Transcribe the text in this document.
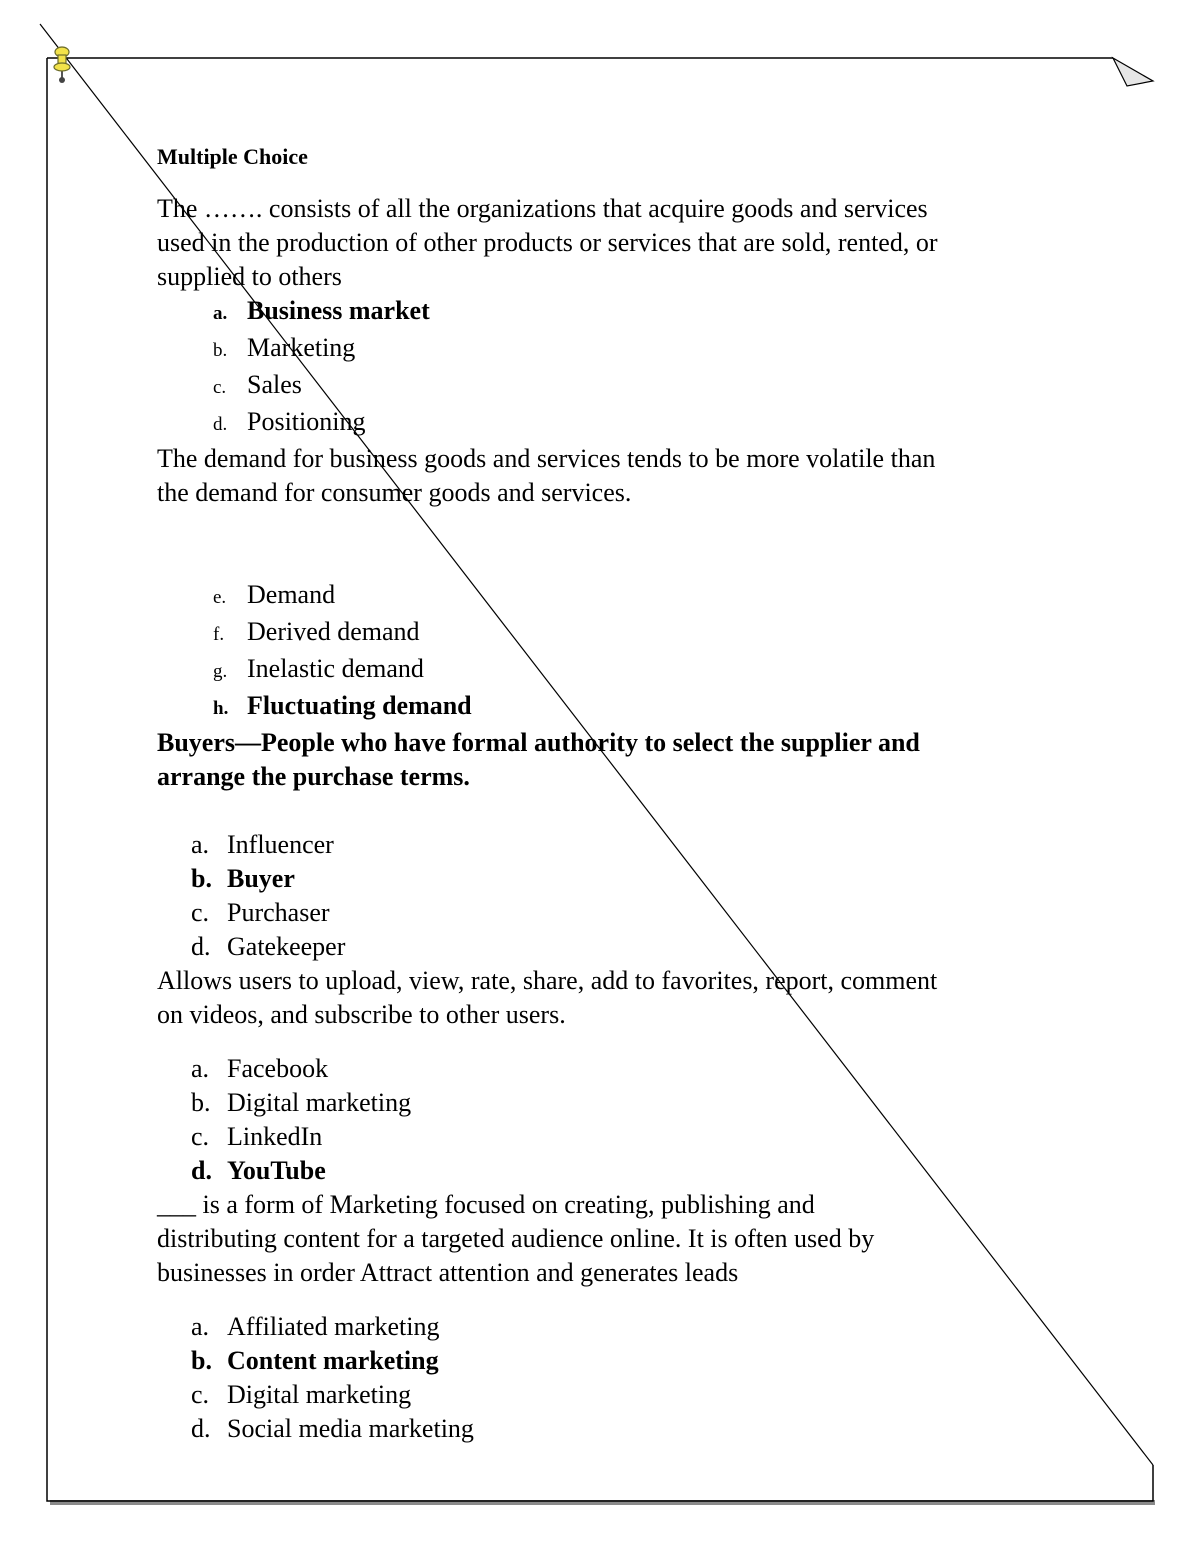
Multiple Choice

The ……. consists of all the organizations that acquire goods and services

used in the production of other products or services that are sold, rented, or

supplied to others

a. Business market
b. Marketing
c. Sales
d. Positioning

The demand for business goods and services tends to be more volatile than

the demand for consumer goods and services.

e. Demand
f. Derived demand
g. Inelastic demand
h. Fluctuating demand

Buyers—People who have formal authority to select the supplier and

arrange the purchase terms.

a. Influencer
b. Buyer
c. Purchaser
d. Gatekeeper

Allows users to upload, view, rate, share, add to favorites, report, comment

on videos, and subscribe to other users.

a. Facebook
b. Digital marketing
c. LinkedIn
d. YouTube

___ is a form of Marketing focused on creating, publishing and

distributing content for a targeted audience online. It is often used by

businesses in order Attract attention and generates leads

a. Affiliated marketing
b. Content marketing
c. Digital marketing
d. Social media marketing
